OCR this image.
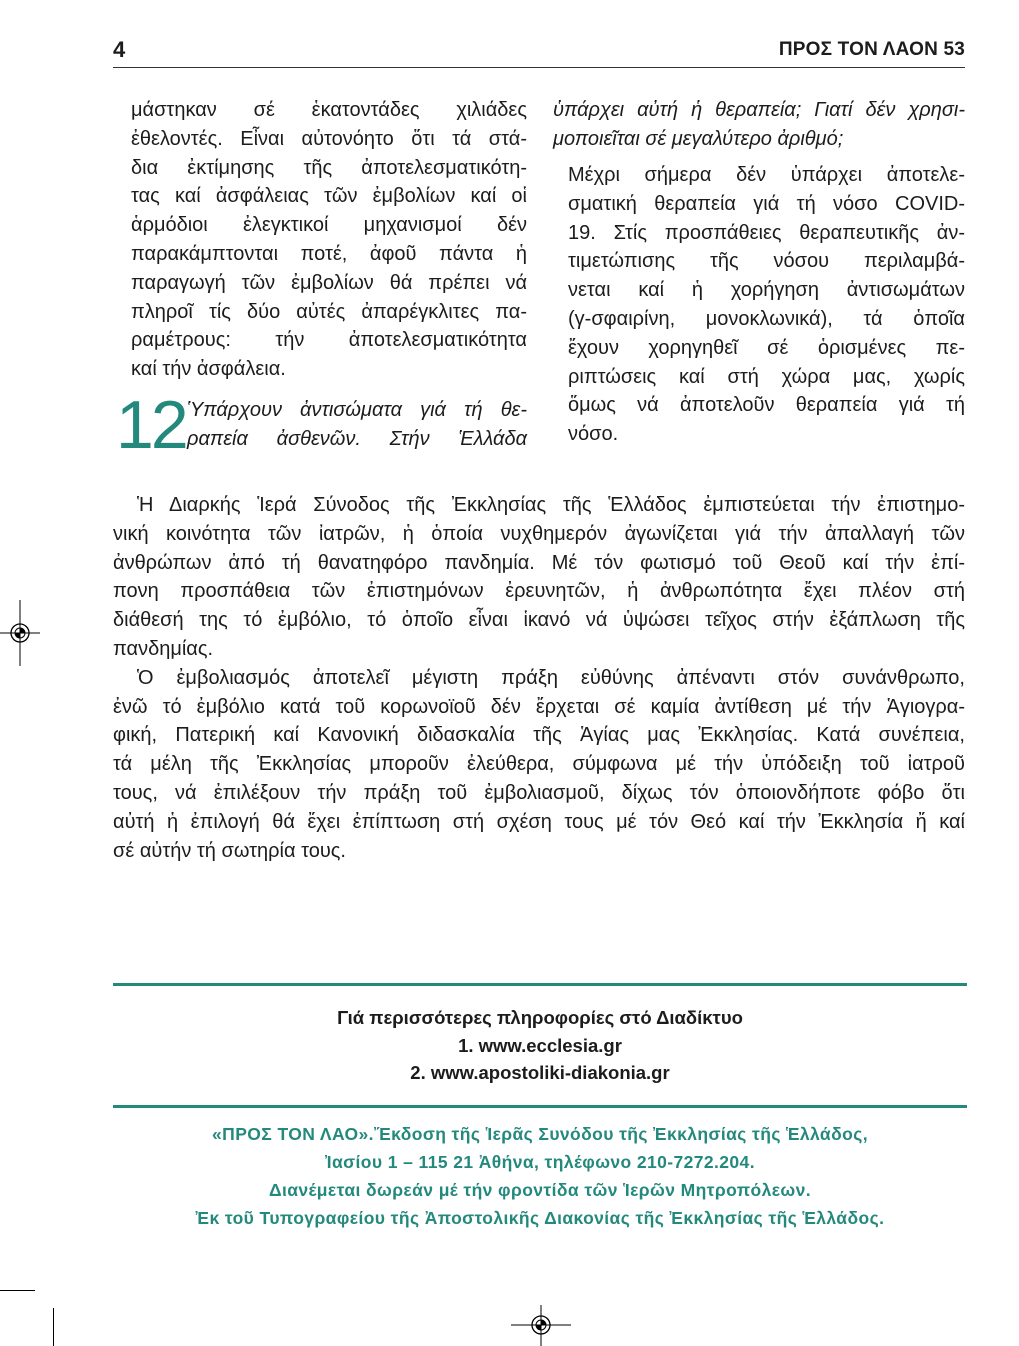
4	ΠΡΟΣ ΤΟΝ ΛΑΟΝ 53
μάστηκαν σέ ἑκατοντάδες χιλιάδες
ἐθελοντές. Εἶναι αὐτονόητο ὅτι τά στά-
δια ἐκτίμησης τῆς ἀποτελεσματικότη-
τας καί ἀσφάλειας τῶν ἐμβολίων καί οἱ
ἁρμόδιοι ἐλεγκτικοί μηχανισμοί δέν
παρακάμπτονται ποτέ, ἀφοῦ πάντα ἡ
παραγωγή τῶν ἐμβολίων θά πρέπει νά
πληροῖ τίς δύο αὐτές ἀπαρέγκλιτες πα-
ραμέτρους: τήν ἀποτελεσματικότητα
καί τήν ἀσφάλεια.
12 Ὑπάρχουν ἀντισώματα γιά τή θε-
ραπεία ἀσθενῶν. Στήν Ἑλλάδα
ὑπάρχει αὐτή ἡ θεραπεία; Γιατί δέν χρησι-
μοποιεῖται σέ μεγαλύτερο ἀριθμό;
Μέχρι σήμερα δέν ὑπάρχει ἀποτελε-
σματική θεραπεία γιά τή νόσο COVID-
19. Στίς προσπάθειες θεραπευτικῆς ἀν-
τιμετώπισης τῆς νόσου περιλαμβά-
νεται καί ἡ χορήγηση ἀντισωμάτων
(γ-σφαιρίνη, μονοκλωνικά), τά ὁποῖα
ἔχουν χορηγηθεῖ σέ ὁρισμένες πε-
ριπτώσεις καί στή χώρα μας, χωρίς
ὅμως νά ἀποτελοῦν θεραπεία γιά τή
νόσο.
Ἡ Διαρκής Ἱερά Σύνοδος τῆς Ἐκκλησίας τῆς Ἑλλάδος ἐμπιστεύεται τήν ἐπιστημο-
νική κοινότητα τῶν ἰατρῶν, ἡ ὁποία νυχθημερόν ἀγωνίζεται γιά τήν ἀπαλλαγή τῶν
ἀνθρώπων ἀπό τή θανατηφόρο πανδημία. Μέ τόν φωτισμό τοῦ Θεοῦ καί τήν ἐπί-
πονη προσπάθεια τῶν ἐπιστημόνων ἐρευνητῶν, ἡ ἀνθρωπότητα ἔχει πλέον στή
διάθεσή της τό ἐμβόλιο, τό ὁποῖο εἶναι ἱκανό νά ὑψώσει τεῖχος στήν ἐξάπλωση τῆς
πανδημίας.
Ὁ ἐμβολιασμός ἀποτελεῖ μέγιστη πράξη εὐθύνης ἀπέναντι στόν συνάνθρωπο,
ἐνῶ τό ἐμβόλιο κατά τοῦ κορωνοϊοῦ δέν ἔρχεται σέ καμία ἀντίθεση μέ τήν Ἁγιογρα-
φική, Πατερική καί Κανονική διδασκαλία τῆς Ἁγίας μας Ἐκκλησίας. Κατά συνέπεια,
τά μέλη τῆς Ἐκκλησίας μποροῦν ἐλεύθερα, σύμφωνα μέ τήν ὑπόδειξη τοῦ ἰατροῦ
τους, νά ἐπιλέξουν τήν πράξη τοῦ ἐμβολιασμοῦ, δίχως τόν ὁποιονδήποτε φόβο ὅτι
αὐτή ἡ ἐπιλογή θά ἔχει ἐπίπτωση στή σχέση τους μέ τόν Θεό καί τήν Ἐκκλησία ἤ καί
σέ αὐτήν τή σωτηρία τους.
Γιά περισσότερες πληροφορίες στό Διαδίκτυο
1. www.ecclesia.gr
2. www.apostoliki-diakonia.gr
«ΠΡΟΣ ΤΟΝ ΛΑΟ».Ἔκδοση τῆς Ἱερᾶς Συνόδου τῆς Ἐκκλησίας τῆς Ἑλλάδος,
Ἰασίου 1 – 115 21 Ἀθήνα, τηλέφωνο 210-7272.204.
Διανέμεται δωρεάν μέ τήν φροντίδα τῶν Ἱερῶν Μητροπόλεων.
Ἐκ τοῦ Τυπογραφείου τῆς Ἀποστολικῆς Διακονίας τῆς Ἐκκλησίας τῆς Ἑλλάδος.
